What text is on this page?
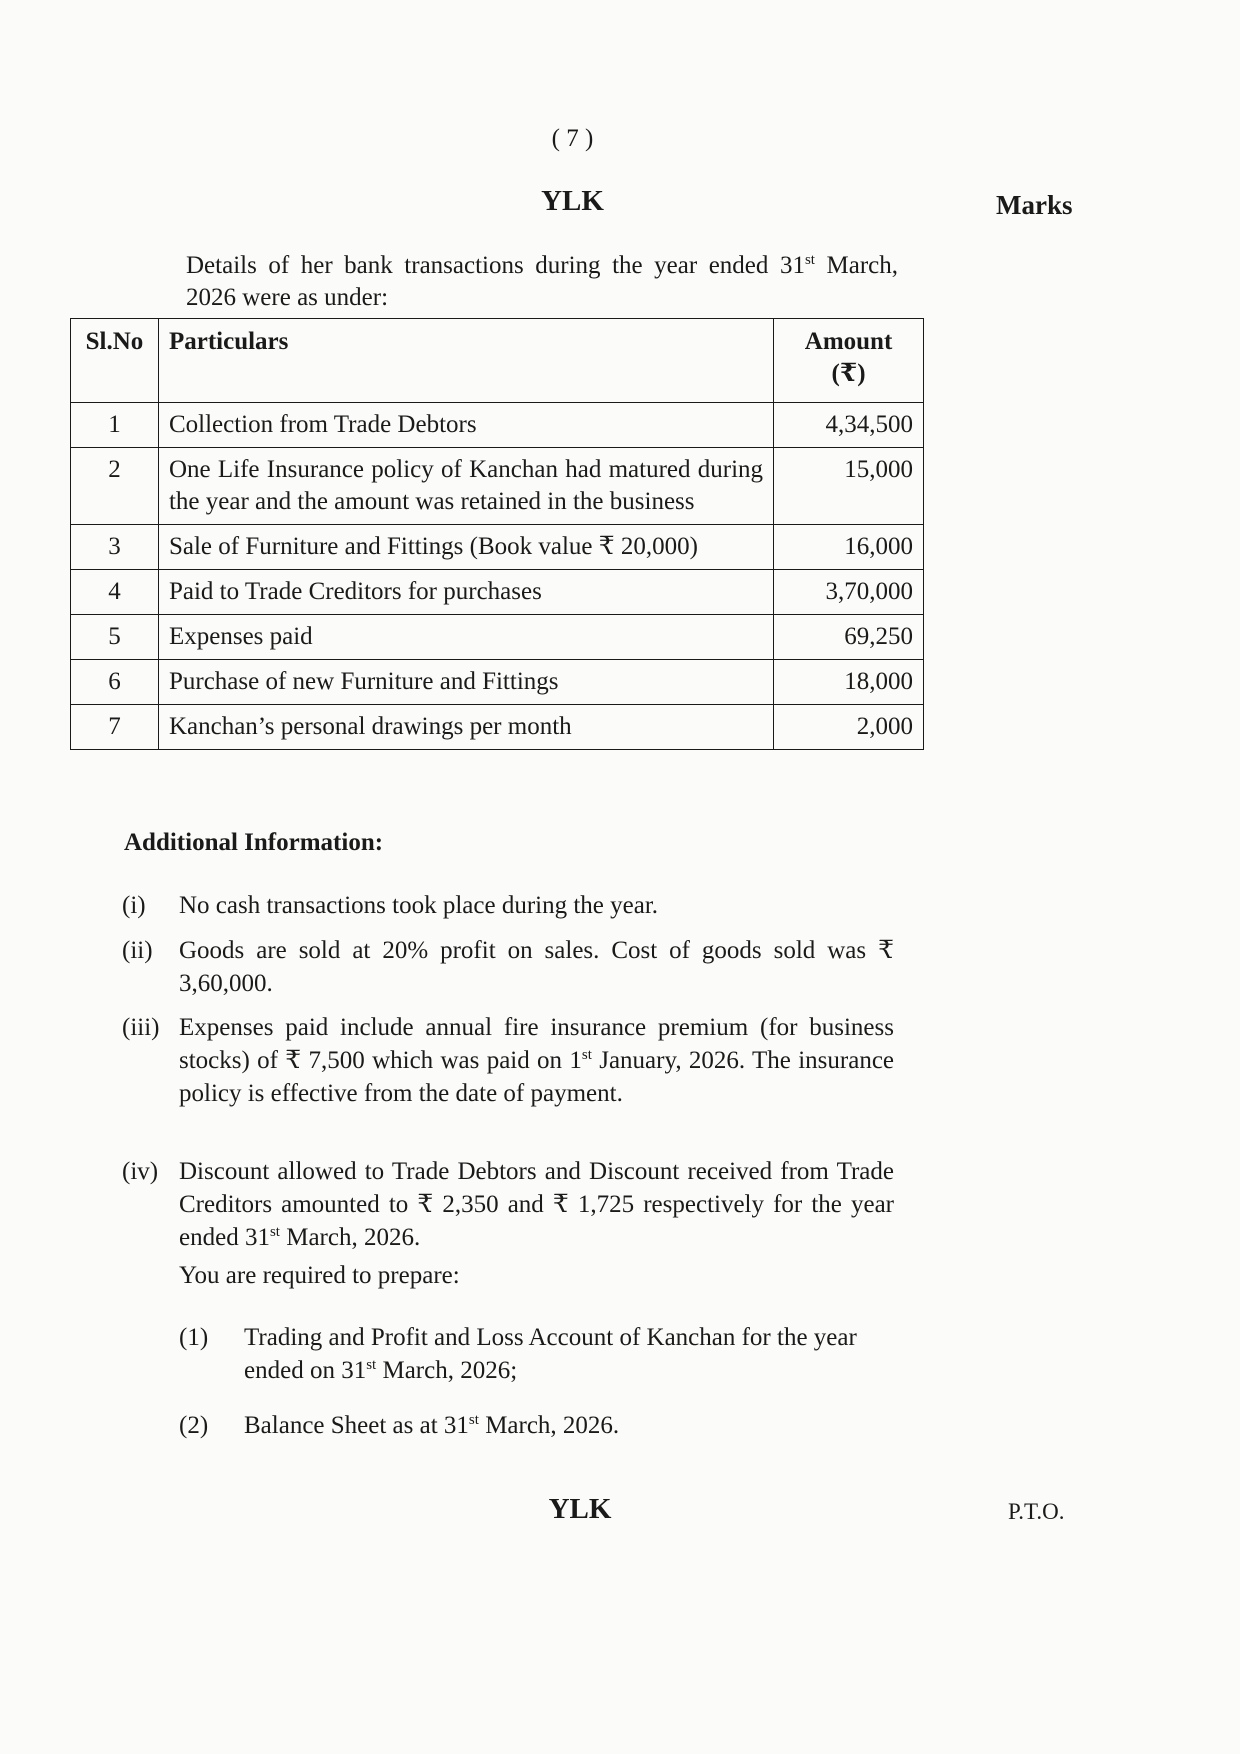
( 7 )
YLK	Marks

Details of her bank transactions during the year ended 31st March, 2026 were as under:

Sl.No	Particulars	Amount
(₹)
1	Collection from Trade Debtors	4,34,500
2	One Life Insurance policy of Kanchan had matured during the year and the amount was retained in the business	15,000
3	Sale of Furniture and Fittings (Book value ₹ 20,000)	16,000
4	Paid to Trade Creditors for purchases	3,70,000
5	Expenses paid	69,250
6	Purchase of new Furniture and Fittings	18,000
7	Kanchan’s personal drawings per month	2,000
Additional Information:
(i)	No cash transactions took place during the year.

(ii)	Goods are sold at 20% profit on sales. Cost of goods sold was ₹ 3,60,000.

(iii) Expenses paid include annual fire insurance premium (for business stocks) of ₹ 7,500 which was paid on 1st January, 2026. The insurance policy is effective from the date of payment.

(iv) Discount allowed to Trade Debtors and Discount received from Trade Creditors amounted to ₹ 2,350 and ₹ 1,725 respectively for the year ended 31st March, 2026.

You are required to prepare:
(1) Trading and Profit and Loss Account of Kanchan for the year ended on 31st March, 2026;

(2) Balance Sheet as at 31st March, 2026.

YLK	P.T.O.
